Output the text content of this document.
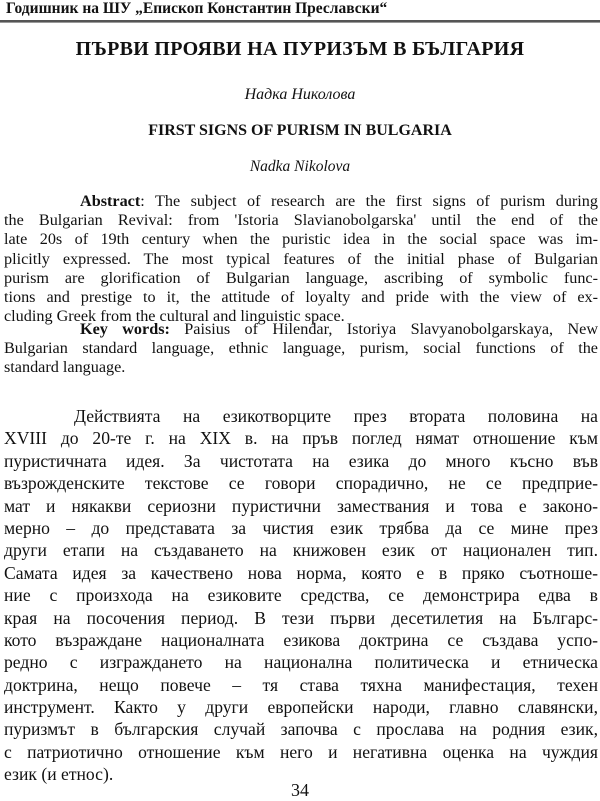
Годишник на ШУ „Епископ Константин Преславски“
ПЪРВИ ПРОЯВИ НА ПУРИЗЪМ В БЪЛГАРИЯ
Надка Николова
FIRST SIGNS OF PURISM IN BULGARIA
Nadka Nikolova
Abstract: The subject of research are the first signs of purism during
the Bulgarian Revival: from 'Istoria Slavianobolgarska' until the end of the
late 20s of 19th century when the puristic idea in the social space was im-
plicitly expressed. The most typical features of the initial phase of Bulgarian
purism are glorification of Bulgarian language, ascribing of symbolic func-
tions and prestige to it, the attitude of loyalty and pride with the view of ex-
cluding Greek from the cultural and linguistic space.
Key words: Paisius of Hilendar, Istoriya Slavyanobolgarskaya, New
Bulgarian standard language, ethnic language, purism, social functions of the
standard language.
Действията на езикотворците през втората половина на
XVIII до 20-те г. на XIX в. на пръв поглед нямат отношение към
пуристичната идея. За чистотата на езика до много късно във
възрожденските текстове се говори спорадично, не се предприе-
мат и някакви сериозни пуристични замествания и това е законо-
мерно – до представата за чистия език трябва да се мине през
други етапи на създаването на книжовен език от национален тип.
Самата идея за качествено нова норма, която е в пряко съотноше-
ние с произхода на езиковите средства, се демонстрира едва в
края на посочения период. В тези първи десетилетия на Българс-
кото възраждане националната езикова доктрина се създава успо-
редно с изграждането на национална политическа и етническа
доктрина, нещо повече – тя става тяхна манифестация, техен
инструмент. Както у други европейски народи, главно славянски,
пуризмът в българския случай започва с прослава на родния език,
с патриотично отношение към него и негативна оценка на чуждия
език (и етнос).
34
